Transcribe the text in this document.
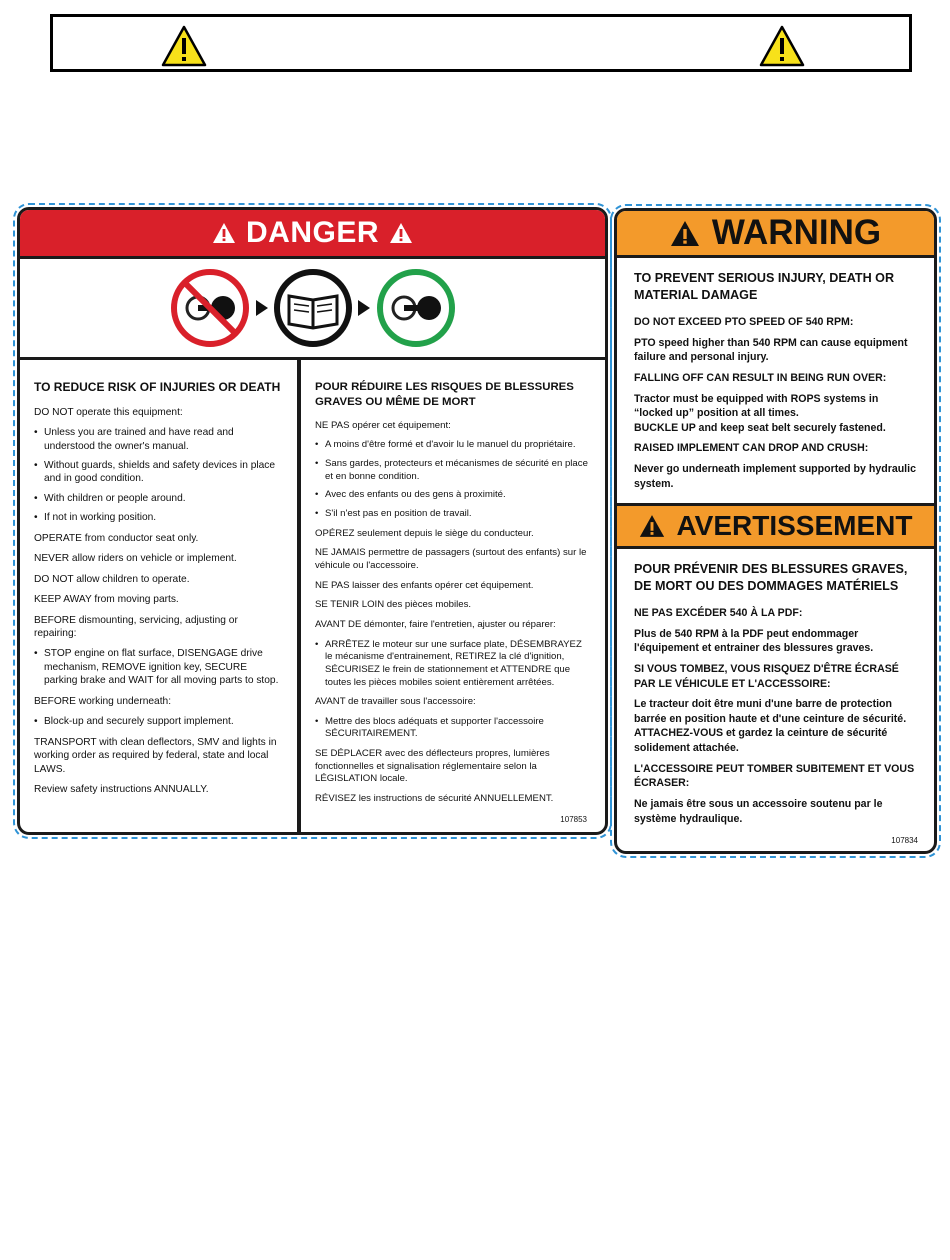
DANGER
TO REDUCE RISK OF INJURIES OR DEATH

DO NOT operate this equipment:

• Unless you are trained and have read and understood the owner's manual.
• Without guards, shields and safety devices in place and in good condition.
• With children or people around.
• If not in working position.

OPERATE from conductor seat only.

NEVER allow riders on vehicle or implement.

DO NOT allow children to operate.

KEEP AWAY from moving parts.

BEFORE dismounting, servicing, adjusting or repairing:

• STOP engine on flat surface, DISENGAGE drive mechanism, REMOVE ignition key, SECURE parking brake and WAIT for all moving parts to stop.

BEFORE working underneath:

• Block-up and securely support implement.

TRANSPORT with clean deflectors, SMV and lights in working order as required by federal, state and local LAWS.

Review safety instructions ANNUALLY.

POUR RÉDUIRE LES RISQUES DE BLESSURES GRAVES OU MÊME DE MORT

NE PAS opérer cet équipement:

• A moins d'être formé et d'avoir lu le manuel du propriétaire.
• Sans gardes, protecteurs et mécanismes de sécurité en place et en bonne condition.
• Avec des enfants ou des gens à proximité.
• S'il n'est pas en position de travail.

OPÉREZ seulement depuis le siège du conducteur.

NE JAMAIS permettre de passagers (surtout des enfants) sur le véhicule ou l'accessoire.

NE PAS laisser des enfants opérer cet équipement.

SE TENIR LOIN des pièces mobiles.

AVANT DE démonter, faire l'entretien, ajuster ou réparer:

• ARRÊTEZ le moteur sur une surface plate, DÉSEMBRAYEZ le mécanisme d'entrainement, RETIREZ la clé d'ignition, SÉCURISEZ le frein de stationnement et ATTENDRE que toutes les pièces mobiles soient entièrement arrêtées.

AVANT de travailler sous l'accessoire:

• Mettre des blocs adéquats et supporter l'accessoire SÉCURITAIREMENT.

SE DÉPLACER avec des déflecteurs propres, lumières fonctionnelles et signalisation réglementaire selon la LÉGISLATION locale.

RÉVISEZ les instructions de sécurité ANNUELLEMENT.

107853
WARNING
TO PREVENT SERIOUS INJURY, DEATH OR MATERIAL DAMAGE

DO NOT EXCEED PTO SPEED OF 540 RPM:

PTO speed higher than 540 RPM can cause equipment failure and personal injury.

FALLING OFF CAN RESULT IN BEING RUN OVER:

Tractor must be equipped with ROPS systems in “locked up” position at all times.

BUCKLE UP and keep seat belt securely fastened.

RAISED IMPLEMENT CAN DROP AND CRUSH:

Never go underneath implement supported by hydraulic system.

AVERTISSEMENT
POUR PRÉVENIR DES BLESSURES GRAVES, DE MORT OU DES DOMMAGES MATÉRIELS

NE PAS EXCÉDER 540 À LA PDF:

Plus de 540 RPM à la PDF peut endommager l'équipement et entrainer des blessures graves.

SI VOUS TOMBEZ, VOUS RISQUEZ D'ÊTRE ÉCRASÉ PAR LE VÉHICULE ET L'ACCESSOIRE:

Le tracteur doit être muni d'une barre de protection barrée en position haute et d'une ceinture de sécurité. ATTACHEZ-VOUS et gardez la ceinture de sécurité solidement attachée.

L'ACCESSOIRE PEUT TOMBER SUBITEMENT ET VOUS ÉCRASER:

Ne jamais être sous un accessoire soutenu par le système hydraulique.

107834
